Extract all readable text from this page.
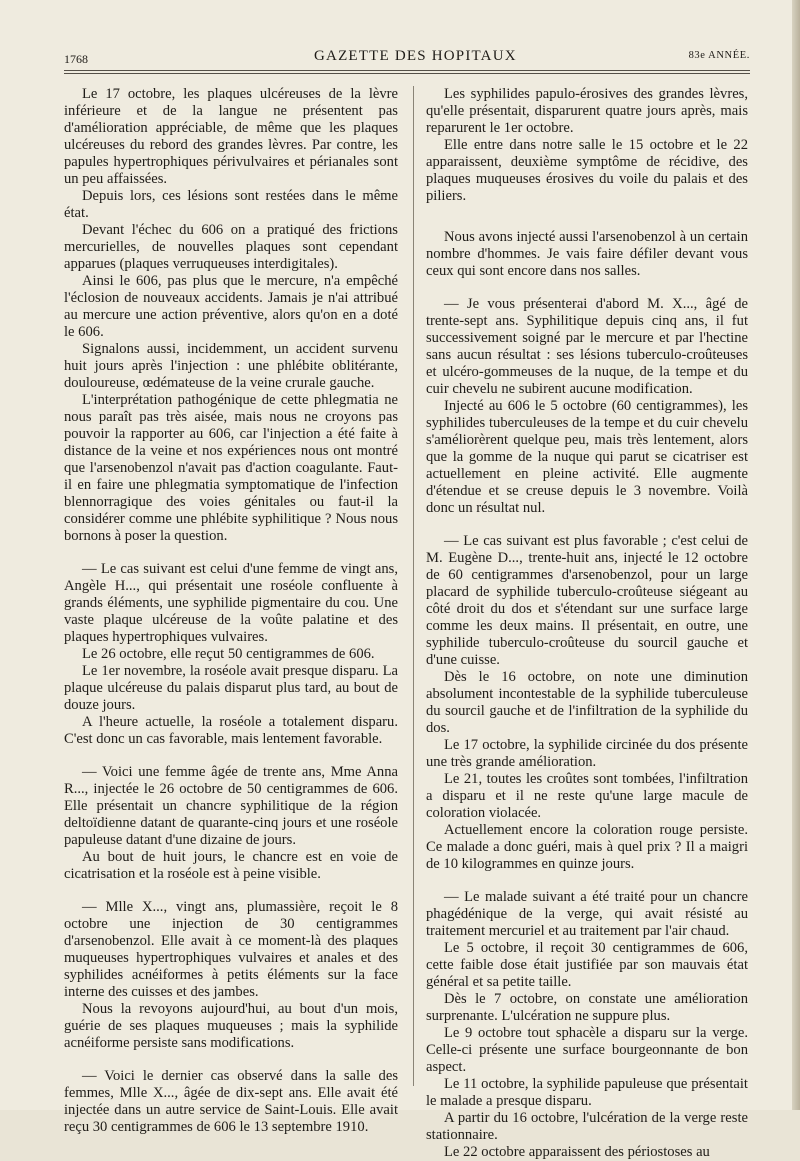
1768	GAZETTE DES HOPITAUX	83e ANNÉE.

Le 17 octobre, les plaques ulcéreuses de la lèvre inférieure et de la langue ne présentent pas d'amélioration appréciable, de même que les plaques ulcéreuses du rebord des grandes lèvres. Par contre, les papules hypertrophiques périvulvaires et périanales sont un peu affaissées.

Depuis lors, ces lésions sont restées dans le même état.

Devant l'échec du 606 on a pratiqué des frictions mercurielles, de nouvelles plaques sont cependant apparues (plaques verruqueuses interdigitales).

Ainsi le 606, pas plus que le mercure, n'a empêché l'éclosion de nouveaux accidents. Jamais je n'ai attribué au mercure une action préventive, alors qu'on en a doté le 606.

Signalons aussi, incidemment, un accident survenu huit jours après l'injection : une phlébite oblitérante, douloureuse, œdémateuse de la veine crurale gauche.

L'interprétation pathogénique de cette phlegmatia ne nous paraît pas très aisée, mais nous ne croyons pas pouvoir la rapporter au 606, car l'injection a été faite à distance de la veine et nos expériences nous ont montré que l'arsenobenzol n'avait pas d'action coagulante. Faut-il en faire une phlegmatia symptomatique de l'infection blennorragique des voies génitales ou faut-il la considérer comme une phlébite syphilitique ? Nous nous bornons à poser la question.

— Le cas suivant est celui d'une femme de vingt ans, Angèle H..., qui présentait une roséole confluente à grands éléments, une syphilide pigmentaire du cou. Une vaste plaque ulcéreuse de la voûte palatine et des plaques hypertrophiques vulvaires.

Le 26 octobre, elle reçut 50 centigrammes de 606.

Le 1er novembre, la roséole avait presque disparu. La plaque ulcéreuse du palais disparut plus tard, au bout de douze jours.

A l'heure actuelle, la roséole a totalement disparu. C'est donc un cas favorable, mais lentement favorable.

— Voici une femme âgée de trente ans, Mme Anna R..., injectée le 26 octobre de 50 centigrammes de 606. Elle présentait un chancre syphilitique de la région deltoïdienne datant de quarante-cinq jours et une roséole papuleuse datant d'une dizaine de jours.

Au bout de huit jours, le chancre est en voie de cicatrisation et la roséole est à peine visible.

— Mlle X..., vingt ans, plumassière, reçoit le 8 octobre une injection de 30 centigrammes d'arsenobenzol. Elle avait à ce moment-là des plaques muqueuses hypertrophiques vulvaires et anales et des syphilides acnéiformes à petits éléments sur la face interne des cuisses et des jambes.

Nous la revoyons aujourd'hui, au bout d'un mois, guérie de ses plaques muqueuses ; mais la syphilide acnéiforme persiste sans modifications.

— Voici le dernier cas observé dans la salle des femmes, Mlle X..., âgée de dix-sept ans. Elle avait été injectée dans un autre service de Saint-Louis. Elle avait reçu 30 centigrammes de 606 le 13 septembre 1910.

Les syphilides papulo-érosives des grandes lèvres, qu'elle présentait, disparurent quatre jours après, mais reparurent le 1er octobre.

Elle entre dans notre salle le 15 octobre et le 22 apparaissent, deuxième symptôme de récidive, des plaques muqueuses érosives du voile du palais et des piliers.

Nous avons injecté aussi l'arsenobenzol à un certain nombre d'hommes. Je vais faire défiler devant vous ceux qui sont encore dans nos salles.

— Je vous présenterai d'abord M. X..., âgé de trente-sept ans. Syphilitique depuis cinq ans, il fut successivement soigné par le mercure et par l'hectine sans aucun résultat : ses lésions tuberculo-croûteuses et ulcéro-gommeuses de la nuque, de la tempe et du cuir chevelu ne subirent aucune modification.

Injecté au 606 le 5 octobre (60 centigrammes), les syphilides tuberculeuses de la tempe et du cuir chevelu s'améliorèrent quelque peu, mais très lentement, alors que la gomme de la nuque qui parut se cicatriser est actuellement en pleine activité. Elle augmente d'étendue et se creuse depuis le 3 novembre. Voilà donc un résultat nul.

— Le cas suivant est plus favorable ; c'est celui de M. Eugène D..., trente-huit ans, injecté le 12 octobre de 60 centigrammes d'arsenobenzol, pour un large placard de syphilide tuberculo-croûteuse siégeant au côté droit du dos et s'étendant sur une surface large comme les deux mains. Il présentait, en outre, une syphilide tuberculo-croûteuse du sourcil gauche et d'une cuisse.

Dès le 16 octobre, on note une diminution absolument incontestable de la syphilide tuberculeuse du sourcil gauche et de l'infiltration de la syphilide du dos.

Le 17 octobre, la syphilide circinée du dos présente une très grande amélioration.

Le 21, toutes les croûtes sont tombées, l'infiltration a disparu et il ne reste qu'une large macule de coloration violacée.

Actuellement encore la coloration rouge persiste. Ce malade a donc guéri, mais à quel prix ? Il a maigri de 10 kilogrammes en quinze jours.

— Le malade suivant a été traité pour un chancre phagédénique de la verge, qui avait résisté au traitement mercuriel et au traitement par l'air chaud.

Le 5 octobre, il reçoit 30 centigrammes de 606, cette faible dose était justifiée par son mauvais état général et sa petite taille.

Dès le 7 octobre, on constate une amélioration surprenante. L'ulcération ne suppure plus.

Le 9 octobre tout sphacèle a disparu sur la verge. Celle-ci présente une surface bourgeonnante de bon aspect.

Le 11 octobre, la syphilide papuleuse que présentait le malade a presque disparu.

A partir du 16 octobre, l'ulcération de la verge reste stationnaire.

Le 22 octobre apparaissent des périostoses au
